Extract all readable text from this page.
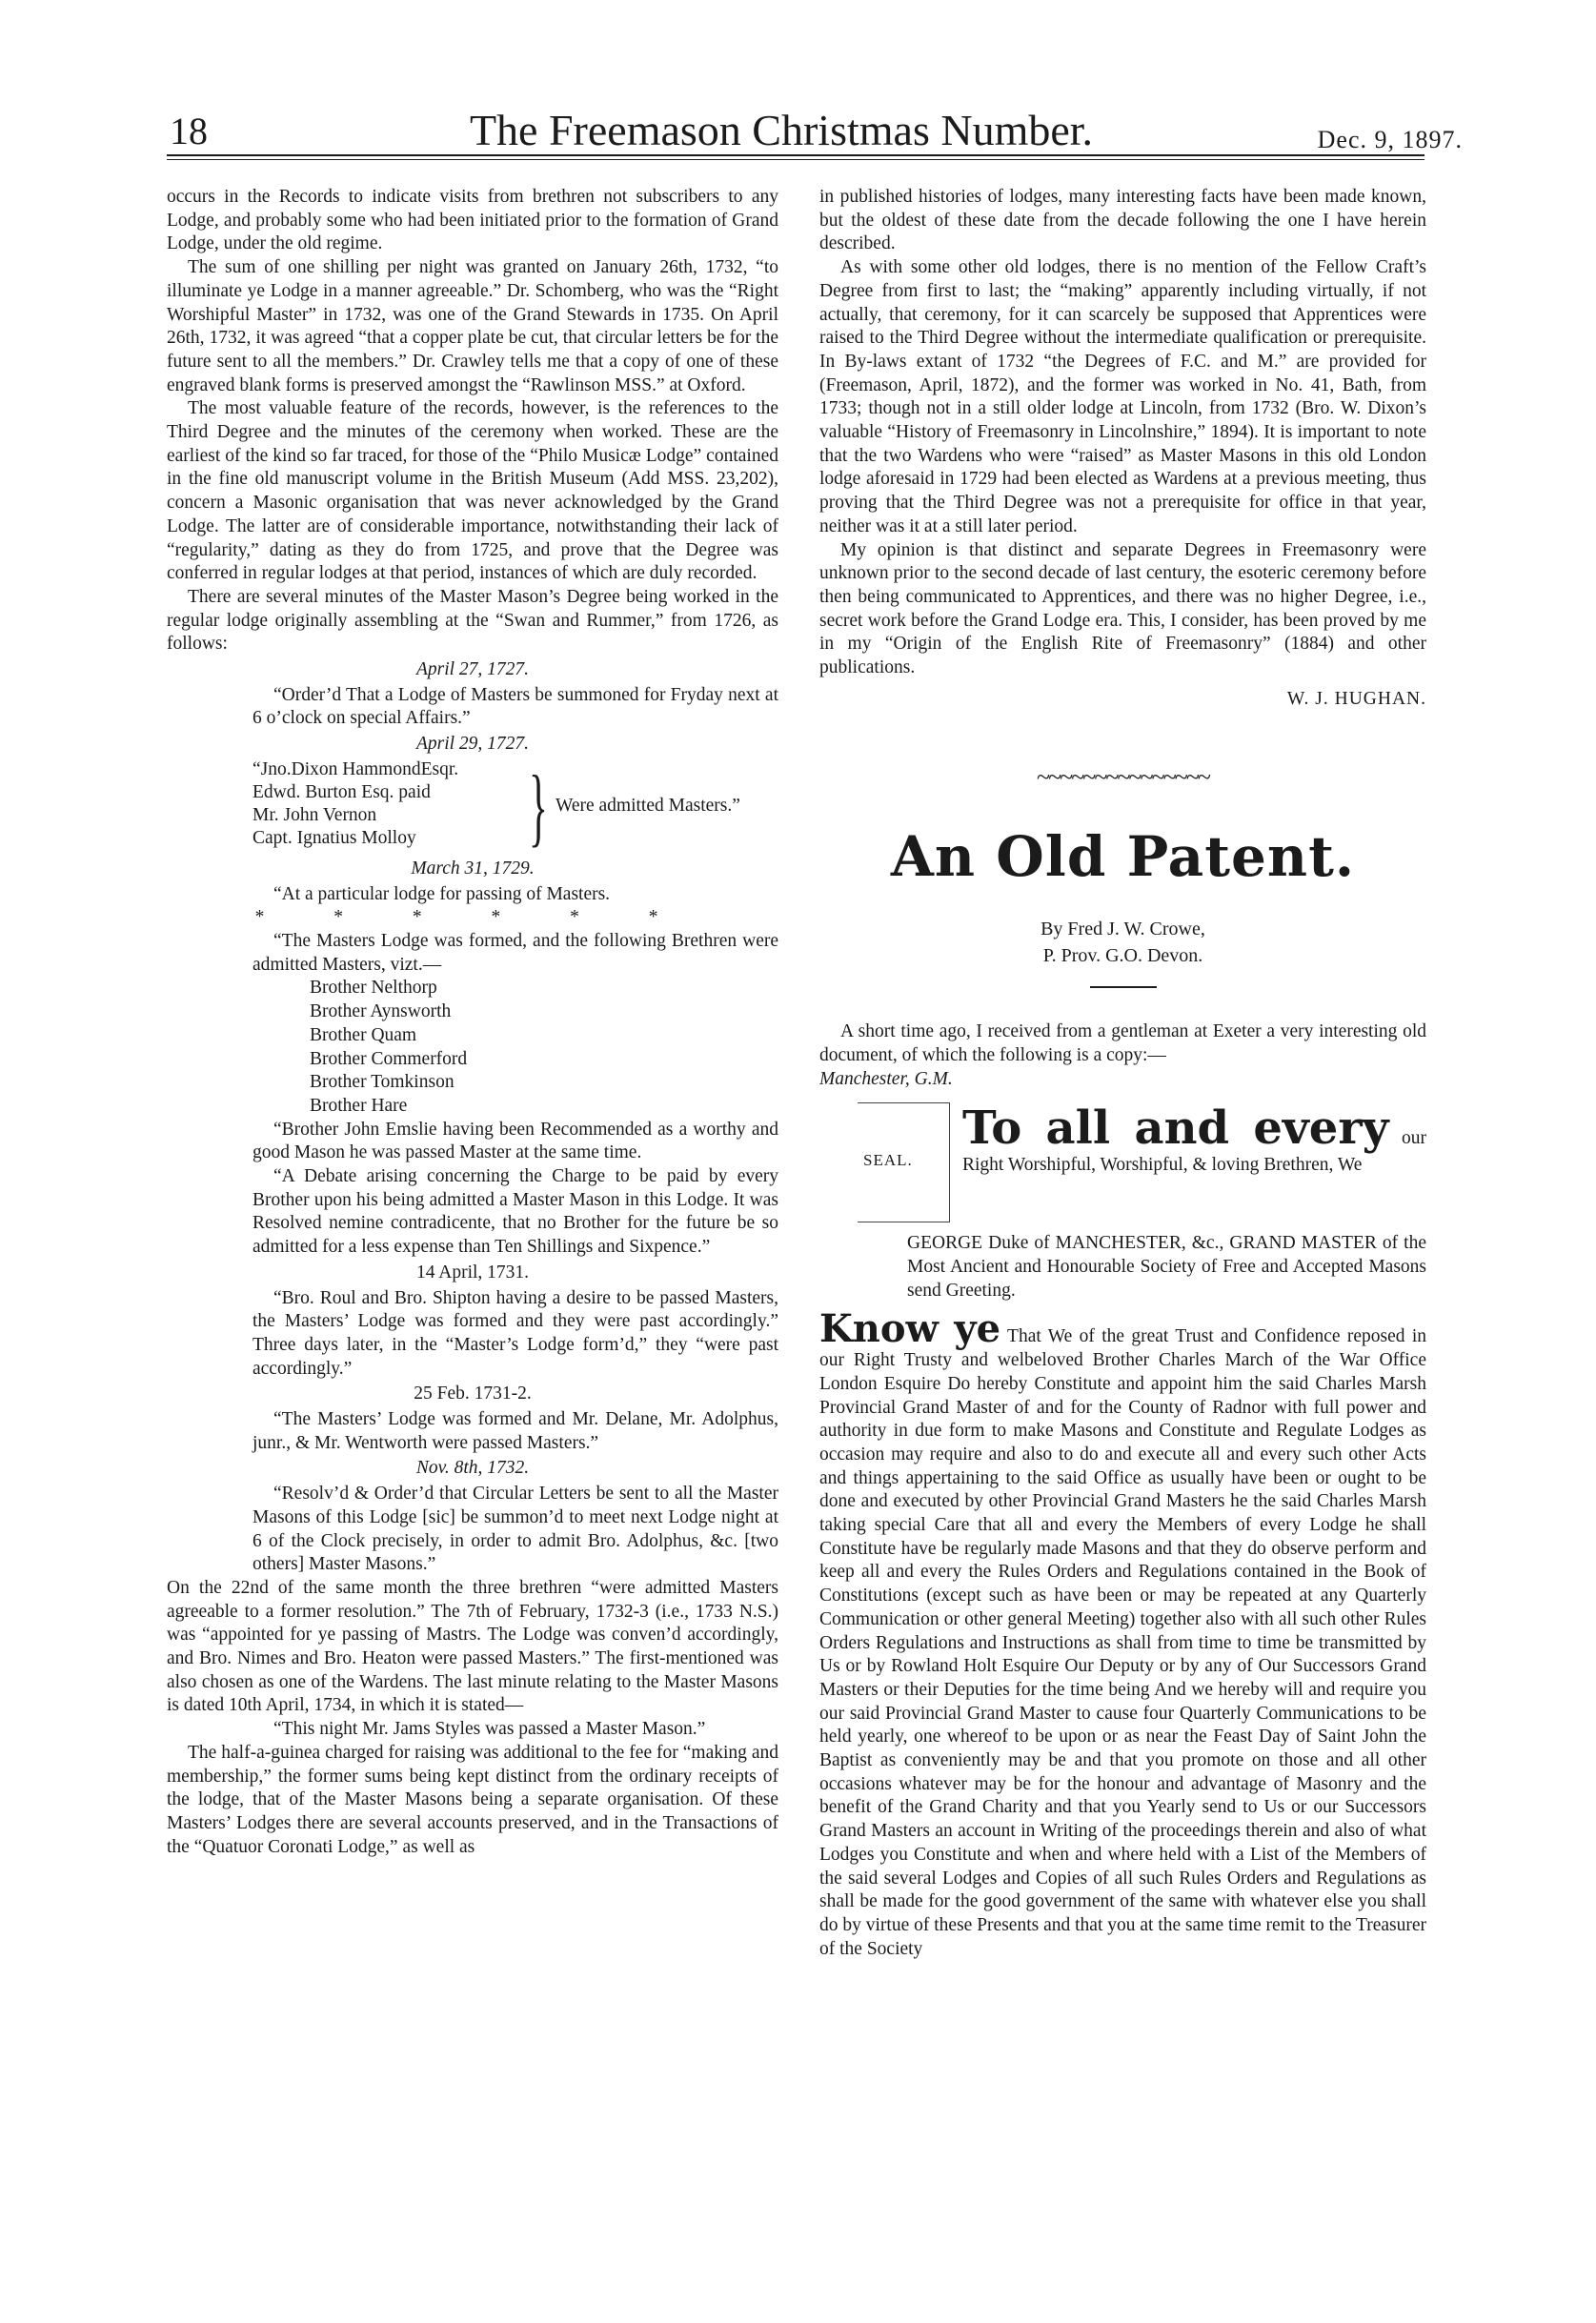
18	The Freemason Christmas Number.	Dec. 9, 1897.

occurs in the Records to indicate visits from brethren not subscribers to any Lodge, and probably some who had been initiated prior to the formation of Grand Lodge, under the old regime.

The sum of one shilling per night was granted on January 26th, 1732, “to illuminate ye Lodge in a manner agreeable.” Dr. Schomberg, who was the “Right Worshipful Master” in 1732, was one of the Grand Stewards in 1735. On April 26th, 1732, it was agreed “that a copper plate be cut, that circular letters be for the future sent to all the members.” Dr. Crawley tells me that a copy of one of these engraved blank forms is preserved amongst the “Rawlinson MSS.” at Oxford.

The most valuable feature of the records, however, is the references to the Third Degree and the minutes of the ceremony when worked. These are the earliest of the kind so far traced, for those of the “Philo Musicæ Lodge” contained in the fine old manuscript volume in the British Museum (Add MSS. 23,202), concern a Masonic organisation that was never acknowledged by the Grand Lodge. The latter are of considerable importance, notwithstanding their lack of “regularity,” dating as they do from 1725, and prove that the Degree was conferred in regular lodges at that period, instances of which are duly recorded.

There are several minutes of the Master Mason’s Degree being worked in the regular lodge originally assembling at the “Swan and Rummer,” from 1726, as follows:

April 27, 1727.

“Order’d That a Lodge of Masters be summoned for Fryday next at 6 o’clock on special Affairs.”

April 29, 1727.

“Jno.Dixon HammondEsqr.
Edwd. Burton Esq. paid
Mr. John Vernon
Capt. Ignatius Molloy	} Were admitted Masters.”

March 31, 1729.

“At a particular lodge for passing of Masters.

* * * * * *

“The Masters Lodge was formed, and the following Brethren were admitted Masters, vizt.—

Brother Nelthorp
Brother Aynsworth
Brother Quam
Brother Commerford
Brother Tomkinson
Brother Hare

“Brother John Emslie having been Recommended as a worthy and good Mason he was passed Master at the same time.

“A Debate arising concerning the Charge to be paid by every Brother upon his being admitted a Master Mason in this Lodge. It was Resolved nemine contradicente, that no Brother for the future be so admitted for a less expense than Ten Shillings and Sixpence.”

14 April, 1731.

“Bro. Roul and Bro. Shipton having a desire to be passed Masters, the Masters’ Lodge was formed and they were past accordingly.” Three days later, in the “Master’s Lodge form’d,” they “were past accordingly.”

25 Feb. 1731-2.

“The Masters’ Lodge was formed and Mr. Delane, Mr. Adolphus, junr., & Mr. Wentworth were passed Masters.”

Nov. 8th, 1732.

“Resolv’d & Order’d that Circular Letters be sent to all the Master Masons of this Lodge [sic] be summon’d to meet next Lodge night at 6 of the Clock precisely, in order to admit Bro. Adolphus, &c. [two others] Master Masons.”

On the 22nd of the same month the three brethren “were admitted Masters agreeable to a former resolution.” The 7th of February, 1732-3 (i.e., 1733 N.S.) was “appointed for ye passing of Mastrs. The Lodge was conven’d accordingly, and Bro. Nimes and Bro. Heaton were passed Masters.” The first-mentioned was also chosen as one of the Wardens. The last minute relating to the Master Masons is dated 10th April, 1734, in which it is stated—

“This night Mr. Jams Styles was passed a Master Mason.”

The half-a-guinea charged for raising was additional to the fee for “making and membership,” the former sums being kept distinct from the ordinary receipts of the lodge, that of the Master Masons being a separate organisation. Of these Masters’ Lodges there are several accounts preserved, and in the Transactions of the “Quatuor Coronati Lodge,” as well as

in published histories of lodges, many interesting facts have been made known, but the oldest of these date from the decade following the one I have herein described.

As with some other old lodges, there is no mention of the Fellow Craft’s Degree from first to last; the “making” apparently including virtually, if not actually, that ceremony, for it can scarcely be supposed that Apprentices were raised to the Third Degree without the intermediate qualification or prerequisite. In By-laws extant of 1732 “the Degrees of F.C. and M.” are provided for (Freemason, April, 1872), and the former was worked in No. 41, Bath, from 1733; though not in a still older lodge at Lincoln, from 1732 (Bro. W. Dixon’s valuable “History of Freemasonry in Lincolnshire,” 1894). It is important to note that the two Wardens who were “raised” as Master Masons in this old London lodge aforesaid in 1729 had been elected as Wardens at a previous meeting, thus proving that the Third Degree was not a prerequisite for office in that year, neither was it at a still later period.

My opinion is that distinct and separate Degrees in Freemasonry were unknown prior to the second decade of last century, the esoteric ceremony before then being communicated to Apprentices, and there was no higher Degree, i.e., secret work before the Grand Lodge era. This, I consider, has been proved by me in my “Origin of the English Rite of Freemasonry” (1884) and other publications.

W. J. HUGHAN.

~~~~~~~~~~~~~~~
An Old Patent.

By Fred J. W. Crowe,

P. Prov. G.O. Devon.

A short time ago, I received from a gentleman at Exeter a very interesting old document, of which the following is a copy:—

Manchester, G.M.

SEAL.
To all and every our Right Worshipful, Worshipful, & loving Brethren, We

GEORGE Duke of MANCHESTER, &c., GRAND MASTER of the Most Ancient and Honourable Society of Free and Accepted Masons send Greeting.

Know ye That We of the great Trust and Confidence reposed in our Right Trusty and welbeloved Brother Charles March of the War Office London Esquire Do hereby Constitute and appoint him the said Charles Marsh Provincial Grand Master of and for the County of Radnor with full power and authority in due form to make Masons and Constitute and Regulate Lodges as occasion may require and also to do and execute all and every such other Acts and things appertaining to the said Office as usually have been or ought to be done and executed by other Provincial Grand Masters he the said Charles Marsh taking special Care that all and every the Members of every Lodge he shall Constitute have be regularly made Masons and that they do observe perform and keep all and every the Rules Orders and Regulations contained in the Book of Constitutions (except such as have been or may be repeated at any Quarterly Communication or other general Meeting) together also with all such other Rules Orders Regulations and Instructions as shall from time to time be transmitted by Us or by Rowland Holt Esquire Our Deputy or by any of Our Successors Grand Masters or their Deputies for the time being And we hereby will and require you our said Provincial Grand Master to cause four Quarterly Communications to be held yearly, one whereof to be upon or as near the Feast Day of Saint John the Baptist as conveniently may be and that you promote on those and all other occasions whatever may be for the honour and advantage of Masonry and the benefit of the Grand Charity and that you Yearly send to Us or our Successors Grand Masters an account in Writing of the proceedings therein and also of what Lodges you Constitute and when and where held with a List of the Members of the said several Lodges and Copies of all such Rules Orders and Regulations as shall be made for the good government of the same with whatever else you shall do by virtue of these Presents and that you at the same time remit to the Treasurer of the Society
